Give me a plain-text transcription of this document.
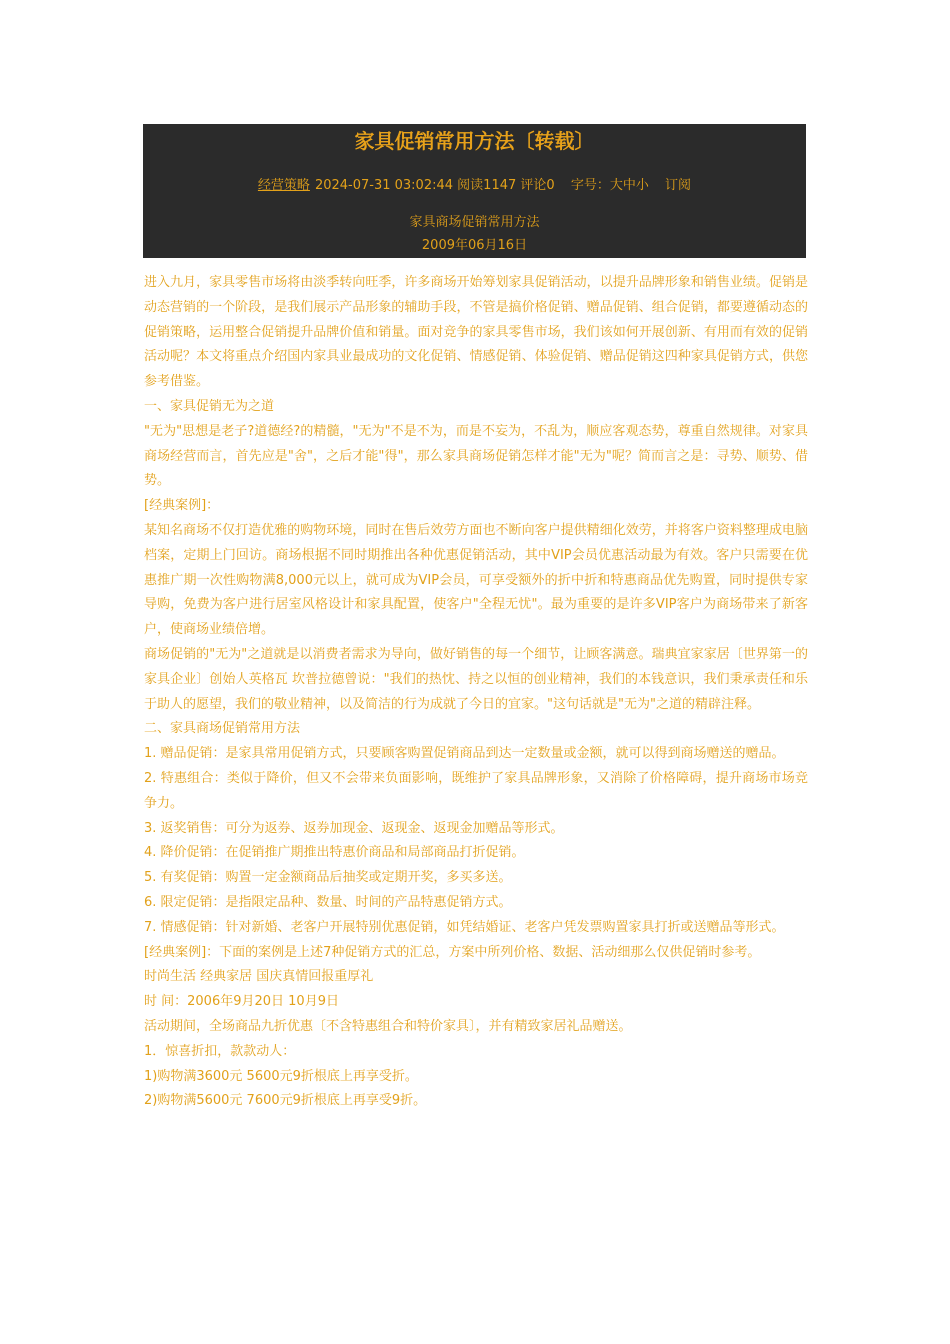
家具促销常用方法〔转载〕
经营策略 2024-07-31 03:02:44 阅读1147 评论0 字号：大中小 订阅
家具商场促销常用方法
2009年06月16日

进入九月，家具零售市场将由淡季转向旺季，许多商场开始筹划家具促销活动，以提升品牌形象和销售业绩。促销是动态营销的一个阶段，是我们展示产品形象的辅助手段，不管是搞价格促销、赠品促销、组合促销，都要遵循动态的促销策略，运用整合促销提升品牌价值和销量。面对竞争的家具零售市场，我们该如何开展创新、有用而有效的促销活动呢？本文将重点介绍国内家具业最成功的文化促销、情感促销、体验促销、赠品促销这四种家具促销方式，供您参考借鉴。

一、家具促销无为之道

"无为"思想是老子?道德经?的精髓，"无为"不是不为，而是不妄为，不乱为，顺应客观态势，尊重自然规律。对家具商场经营而言，首先应是"舍"，之后才能"得"，那么家具商场促销怎样才能"无为"呢？简而言之是：寻势、顺势、借势。

[经典案例]：

某知名商场不仅打造优雅的购物环境，同时在售后效劳方面也不断向客户提供精细化效劳，并将客户资料整理成电脑档案，定期上门回访。商场根据不同时期推出各种优惠促销活动，其中VIP会员优惠活动最为有效。客户只需要在优惠推广期一次性购物满8,000元以上，就可成为VIP会员，可享受额外的折中折和特惠商品优先购置，同时提供专家导购，免费为客户进行居室风格设计和家具配置，使客户"全程无忧"。最为重要的是许多VIP客户为商场带来了新客户，使商场业绩倍增。

商场促销的"无为"之道就是以消费者需求为导向，做好销售的每一个细节，让顾客满意。瑞典宜家家居〔世界第一的家具企业〕创始人英格瓦 坎普拉德曾说："我们的热忱、持之以恒的创业精神，我们的本钱意识，我们秉承责任和乐于助人的愿望，我们的敬业精神，以及简洁的行为成就了今日的宜家。"这句话就是"无为"之道的精辟注释。

二、家具商场促销常用方法

1. 赠品促销：是家具常用促销方式，只要顾客购置促销商品到达一定数量或金额，就可以得到商场赠送的赠品。

2. 特惠组合：类似于降价，但又不会带来负面影响，既维护了家具品牌形象，又消除了价格障碍，提升商场市场竞争力。

3. 返奖销售：可分为返券、返券加现金、返现金、返现金加赠品等形式。

4. 降价促销：在促销推广期推出特惠价商品和局部商品打折促销。

5. 有奖促销：购置一定金额商品后抽奖或定期开奖，多买多送。

6. 限定促销：是指限定品种、数量、时间的产品特惠促销方式。

7. 情感促销：针对新婚、老客户开展特别优惠促销，如凭结婚证、老客户凭发票购置家具打折或送赠品等形式。

[经典案例]：下面的案例是上述7种促销方式的汇总，方案中所列价格、数据、活动细那么仅供促销时参考。

时尚生活 经典家居 国庆真情回报重厚礼

时 间：2006年9月20日 10月9日

活动期间，全场商品九折优惠〔不含特惠组合和特价家具〕，并有精致家居礼品赠送。

1．惊喜折扣，款款动人：

1)购物满3600元 5600元9折根底上再享受折。

2)购物满5600元 7600元9折根底上再享受9折。
